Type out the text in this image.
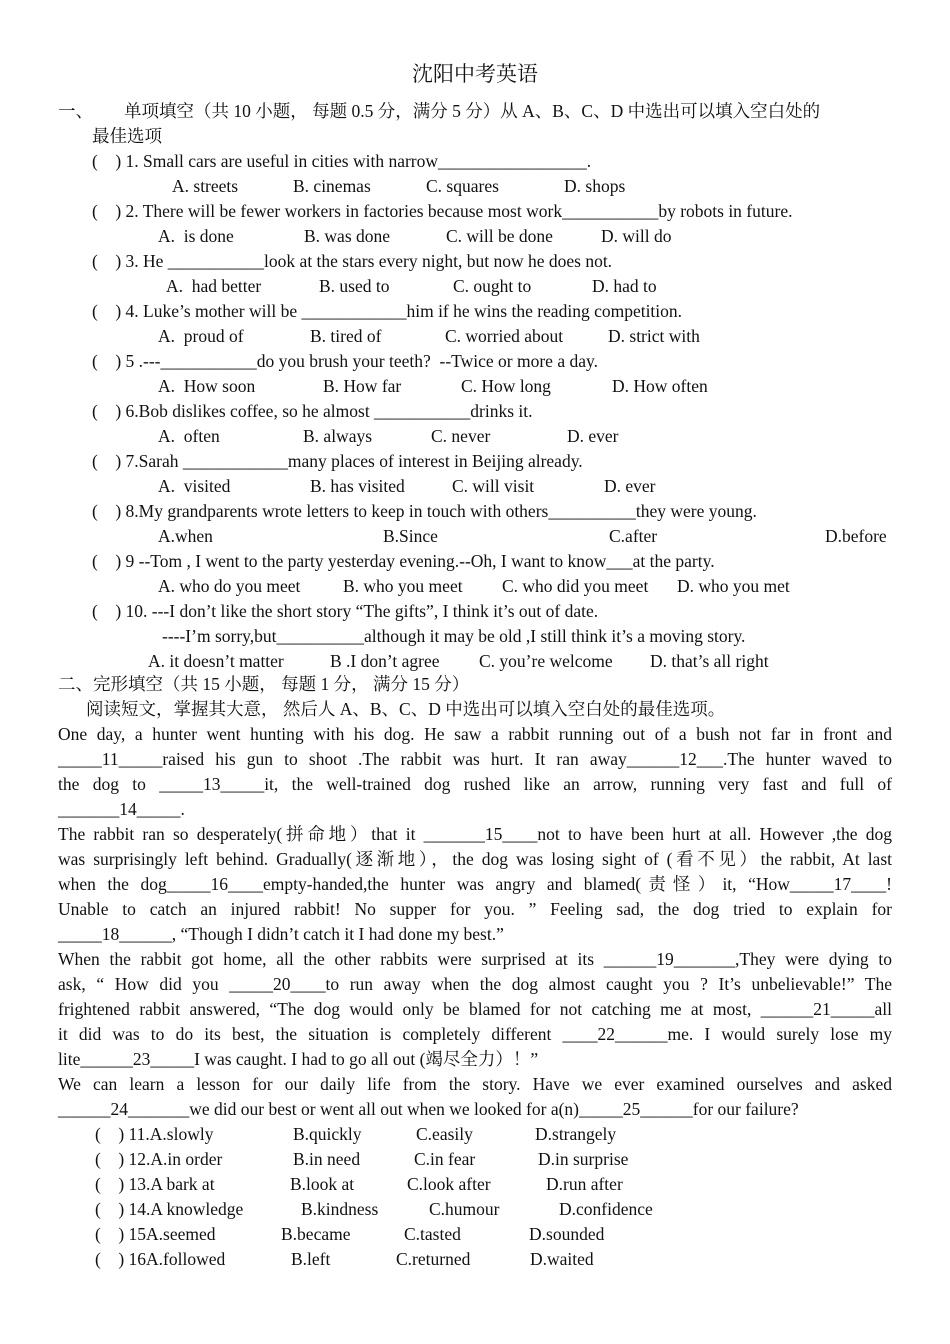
沈阳中考英语
一、 单项填空（共 10 小题， 每题 0.5 分，满分 5 分）从 A、B、C、D 中选出可以填入空白处的
最佳选项
(    ) 1. Small cars are useful in cities with narrow_________________.
A. streets	B. cinemas	C. squares	D. shops
(    ) 2. There will be fewer workers in factories because most work___________by robots in future.
A.  is done	B. was done	C. will be done	D. will do
(    ) 3. He ___________look at the stars every night, but now he does not.
A.  had better	B. used to	C. ought to	D. had to
(    ) 4. Luke’s mother will be ____________him if he wins the reading competition.
A.  proud of	B. tired of	C. worried about	D. strict with
(    ) 5 .---___________do you brush your teeth?  --Twice or more a day.
A.  How soon	B. How far	C. How long	D. How often
(    ) 6.Bob dislikes coffee, so he almost ___________drinks it.
A.  often	B. always	C. never	D. ever
(    ) 7.Sarah ____________many places of interest in Beijing already.
A.  visited	B. has visited	C. will visit	D. ever
(    ) 8.My grandparents wrote letters to keep in touch with others__________they were young.
A.when	B.Since	C.after	D.before
(    ) 9 --Tom , I went to the party yesterday evening.--Oh, I want to know___at the party.
A. who do you meet B. who you meet C. who did you meet D. who you met
(    ) 10. ---I don’t like the short story “The gifts”, I think it’s out of date.
----I’m sorry,but__________although it may be old ,I still think it’s a moving story.
A. it doesn’t matter	B .I don’t agree C. you’re welcome D. that’s all right
二、完形填空（共 15 小题， 每题 1 分， 满分 15 分）
阅读短文，掌握其大意， 然后人 A、B、C、D 中选出可以填入空白处的最佳选项。
One day, a hunter went hunting with his dog. He saw a rabbit running out of a bush not far in front and
_____11_____raised his gun to shoot .The rabbit was hurt. It ran away______12___.The hunter waved to
the dog to _____13_____it, the well-trained dog rushed like an arrow, running very fast and full of
_______14_____.
The rabbit ran so desperately(拼命地）that it _______15____not to have been hurt at all. However ,the dog
was surprisingly left behind. Gradually(逐渐地），the dog was losing sight of (看不见）the rabbit, At last
when the dog_____16____empty-handed,the hunter was angry and blamed(责怪）it, “How_____17____!
Unable to catch an injured rabbit! No supper for you. ” Feeling sad, the dog tried to explain for
_____18______, “Though I didn’t catch it I had done my best.”
When the rabbit got home, all the other rabbits were surprised at its ______19_______,They were dying to
ask, “ How did you _____20____to run away when the dog almost caught you ? It’s unbelievable!” The
frightened rabbit answered, “The dog would only be blamed for not catching me at most, ______21_____all
it did was to do its best, the situation is completely different ____22______me. I would surely lose my
lite______23_____I was caught. I had to go all out (竭尽全力）！”
We can learn a lesson for our daily life from the story. Have we ever examined ourselves and asked
______24_______we did our best or went all out when we looked for a(n)_____25______for our failure?
(    ) 11.A.slowly	B.quickly	C.easily	D.strangely
(    ) 12.A.in order	B.in need	C.in fear	D.in surprise
(    ) 13.A bark at	B.look at	C.look after	D.run after
(    ) 14.A knowledge	B.kindness	C.humour	D.confidence
(    ) 15A.seemed	B.became	C.tasted	D.sounded
(    ) 16A.followed	B.left	C.returned	D.waited
